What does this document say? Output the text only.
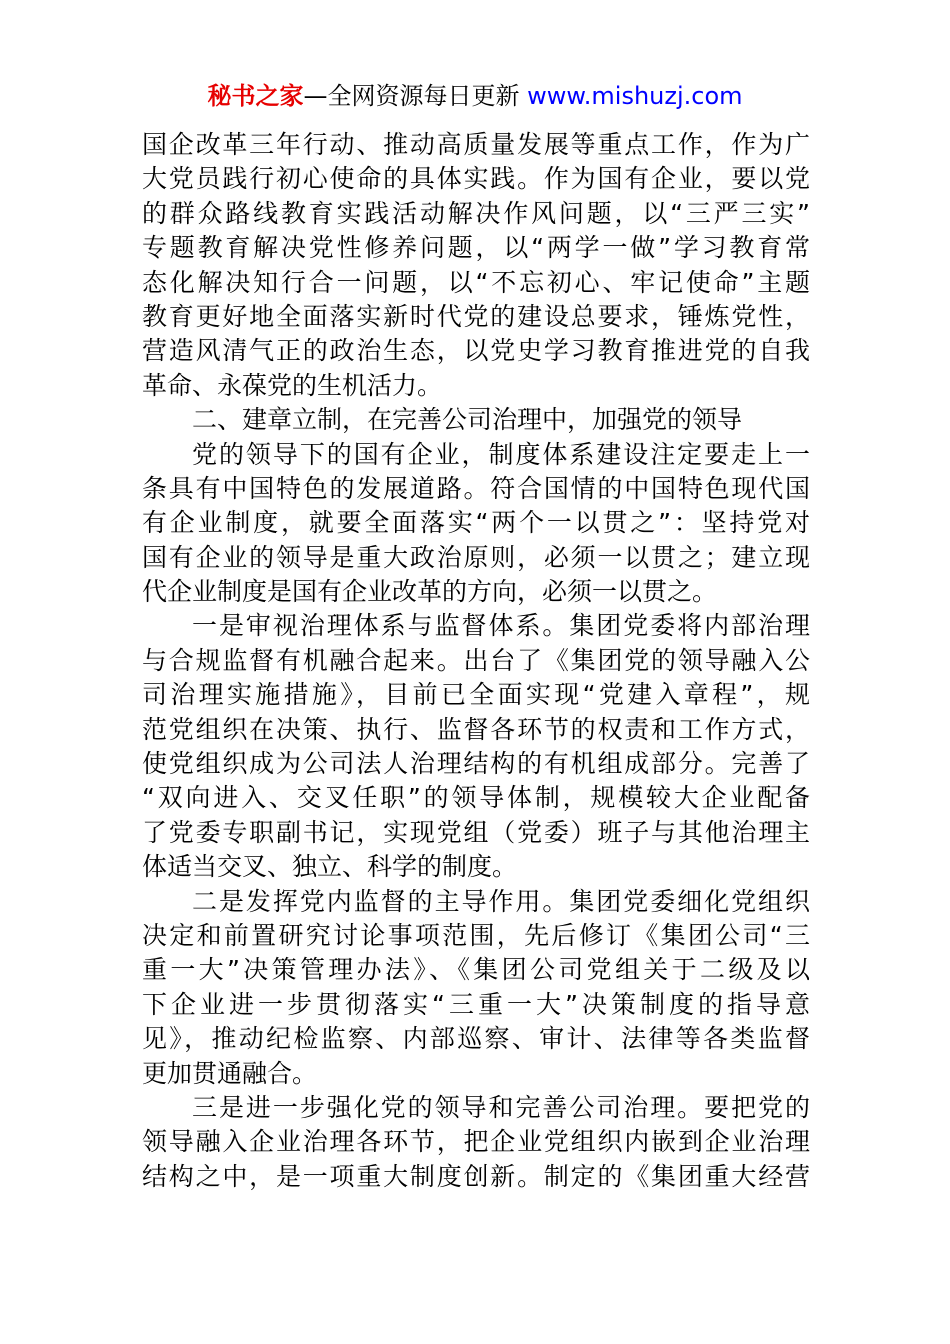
秘书之家—全网资源每日更新 www.mishuzj.com
国企改革三年行动、推动高质量发展等重点工作，作为广
大党员践行初心使命的具体实践。作为国有企业，要以党
的群众路线教育实践活动解决作风问题，以“三严三实”
专题教育解决党性修养问题，以“两学一做”学习教育常
态化解决知行合一问题，以“不忘初心、牢记使命”主题
教育更好地全面落实新时代党的建设总要求，锤炼党性，
营造风清气正的政治生态，以党史学习教育推进党的自我
革命、永葆党的生机活力。
二、建章立制，在完善公司治理中，加强党的领导
党的领导下的国有企业，制度体系建设注定要走上一
条具有中国特色的发展道路。符合国情的中国特色现代国
有企业制度，就要全面落实“两个一以贯之”：坚持党对
国有企业的领导是重大政治原则，必须一以贯之；建立现
代企业制度是国有企业改革的方向，必须一以贯之。
一是审视治理体系与监督体系。集团党委将内部治理
与合规监督有机融合起来。出台了《集团党的领导融入公
司治理实施措施》，目前已全面实现“党建入章程”，规
范党组织在决策、执行、监督各环节的权责和工作方式，
使党组织成为公司法人治理结构的有机组成部分。完善了
“双向进入、交叉任职”的领导体制，规模较大企业配备
了党委专职副书记，实现党组（党委）班子与其他治理主
体适当交叉、独立、科学的制度。
二是发挥党内监督的主导作用。集团党委细化党组织
决定和前置研究讨论事项范围，先后修订《集团公司“三
重一大”决策管理办法》、《集团公司党组关于二级及以
下企业进一步贯彻落实“三重一大”决策制度的指导意
见》，推动纪检监察、内部巡察、审计、法律等各类监督
更加贯通融合。
三是进一步强化党的领导和完善公司治理。要把党的
领导融入企业治理各环节，把企业党组织内嵌到企业治理
结构之中，是一项重大制度创新。制定的《集团重大经营
